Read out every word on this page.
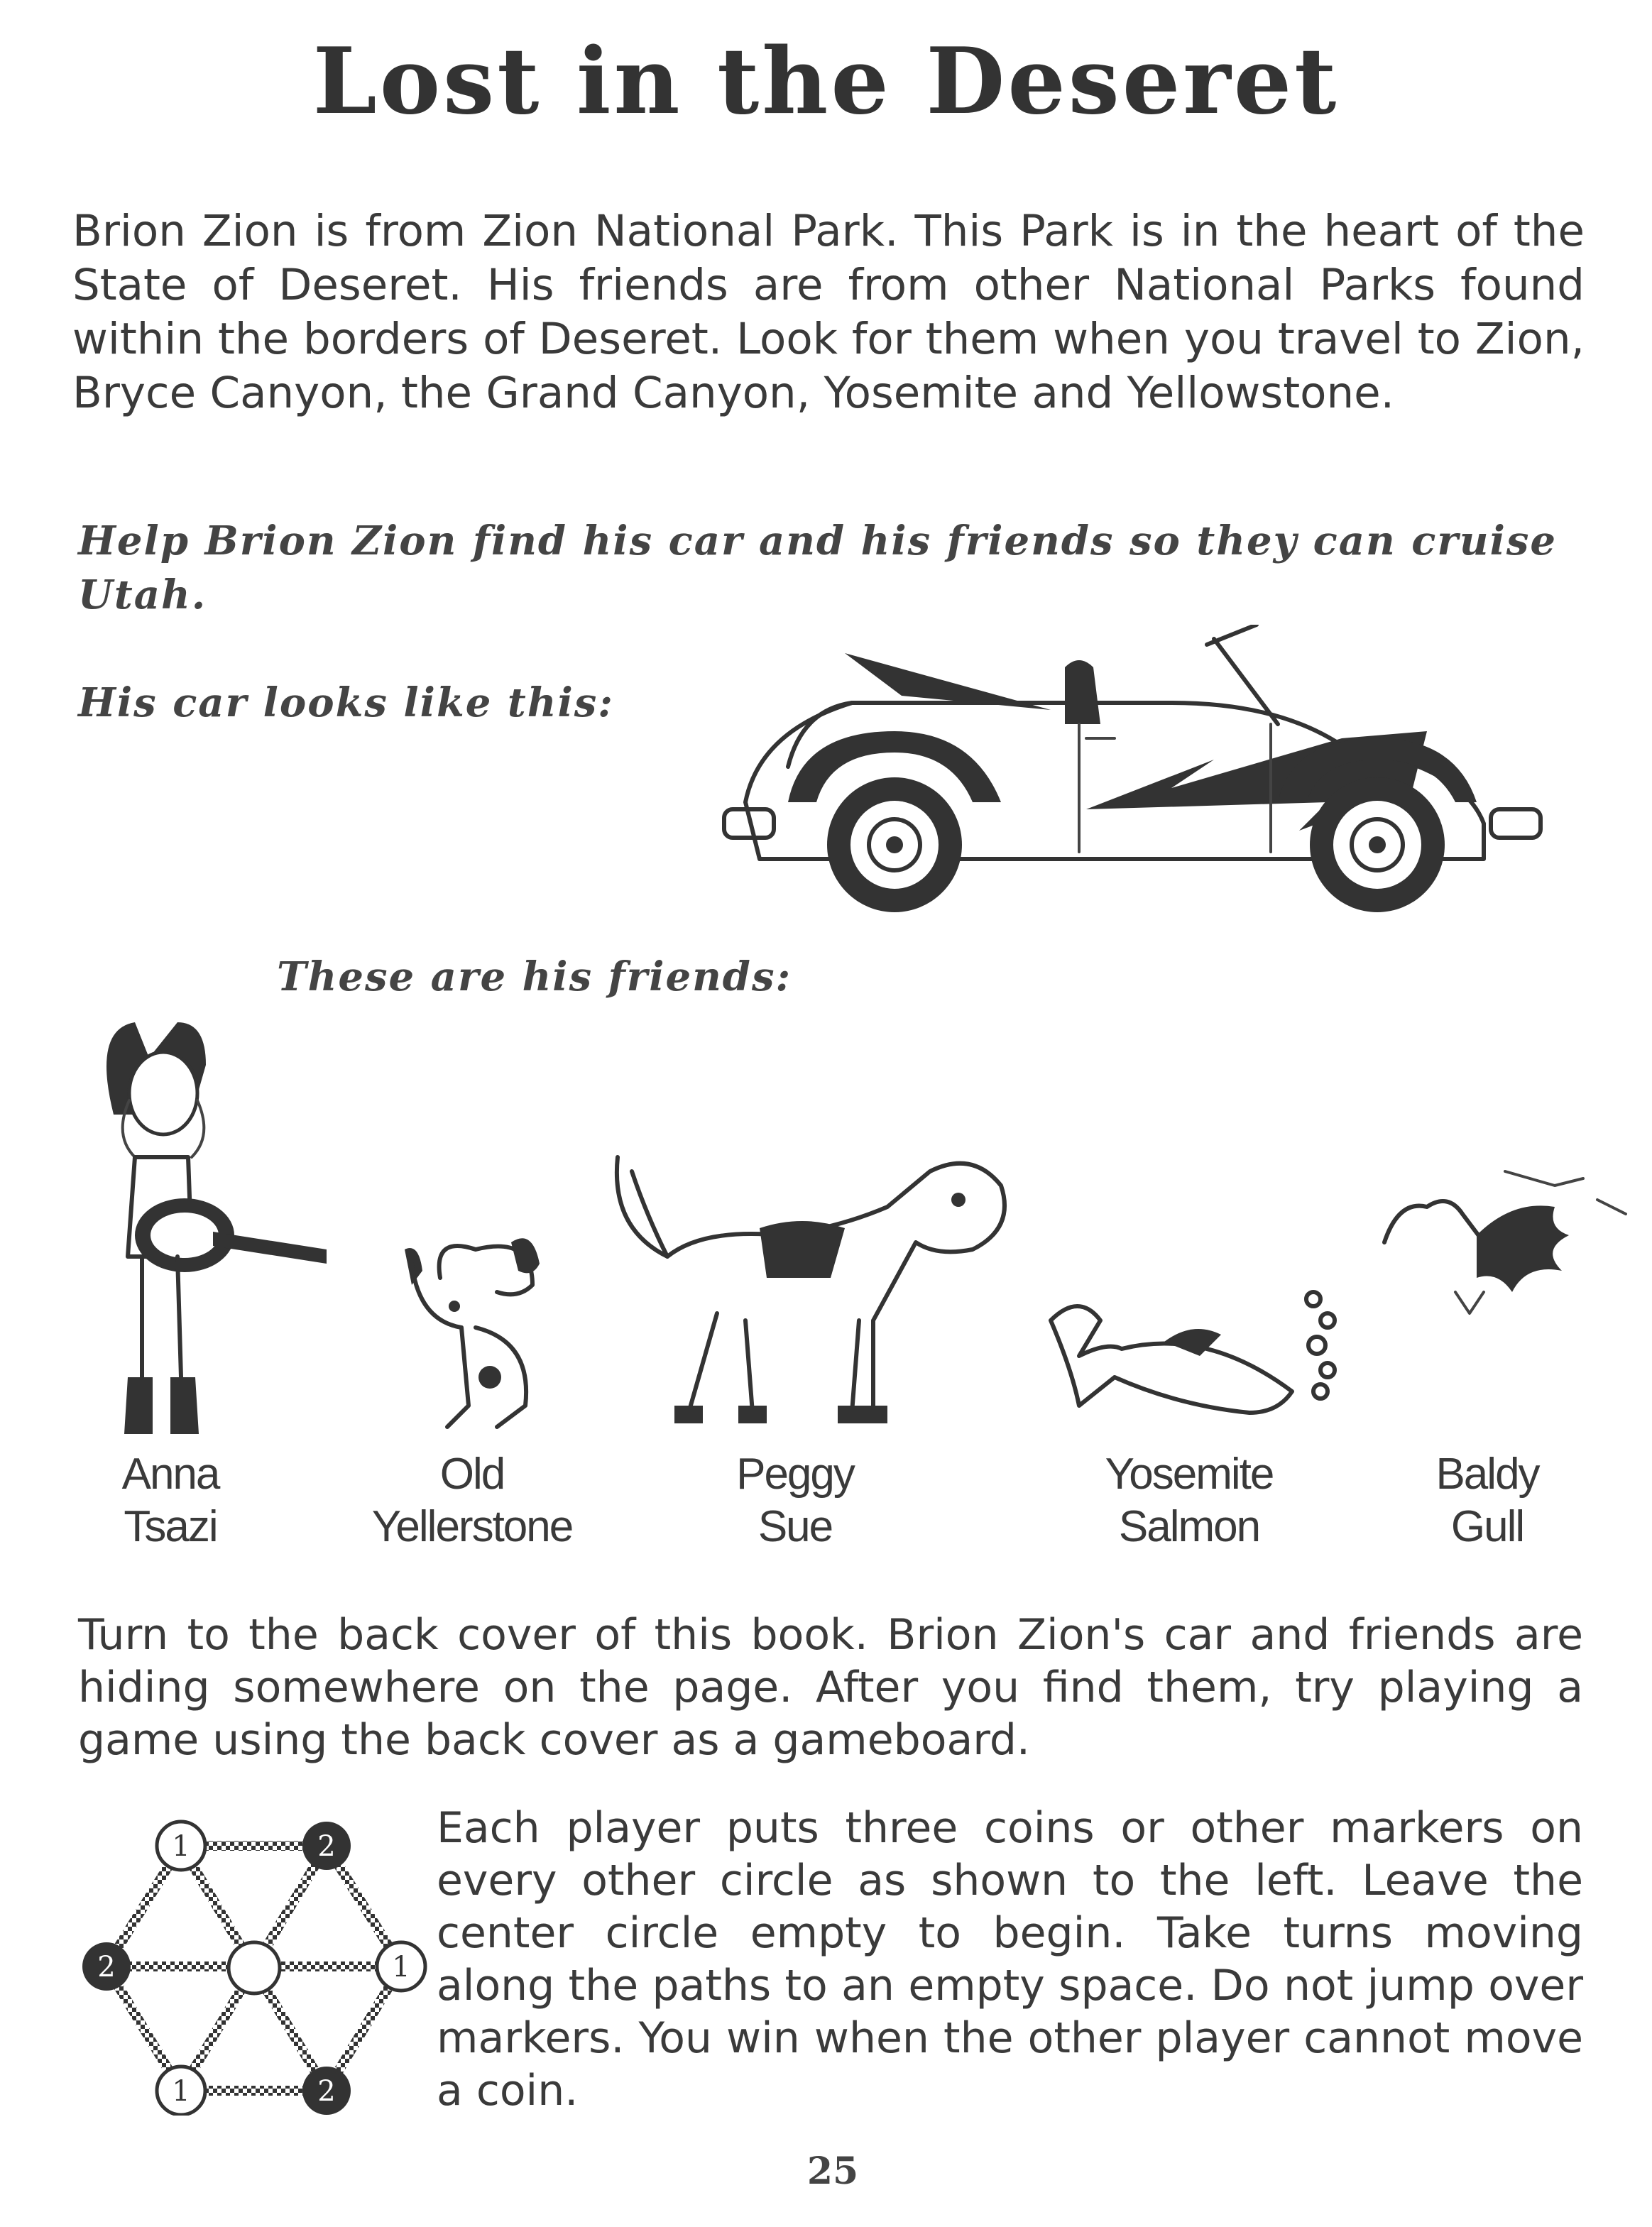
Lost in the Deseret
Brion Zion is from Zion National Park. This Park is in the heart of the State of Deseret. His friends are from other National Parks found within the borders of Deseret. Look for them when you travel to Zion, Bryce Canyon, the Grand Canyon, Yosemite and Yellowstone.
Help Brion Zion find his car and his friends so they can cruise Utah.
His car looks like this:
These are his friends:
Anna
Tsazi
Old
Yellerstone
Peggy
Sue
Yosemite
Salmon
Baldy
Gull
Turn to the back cover of this book. Brion Zion's car and friends are hiding somewhere on the page. After you find them, try playing a game using the back cover as a gameboard.
1	2
2	1
1	2
Each player puts three coins or other markers on every other circle as shown to the left. Leave the center circle empty to begin. Take turns moving along the paths to an empty space. Do not jump over markers. You win when the other player cannot move a coin.
25
